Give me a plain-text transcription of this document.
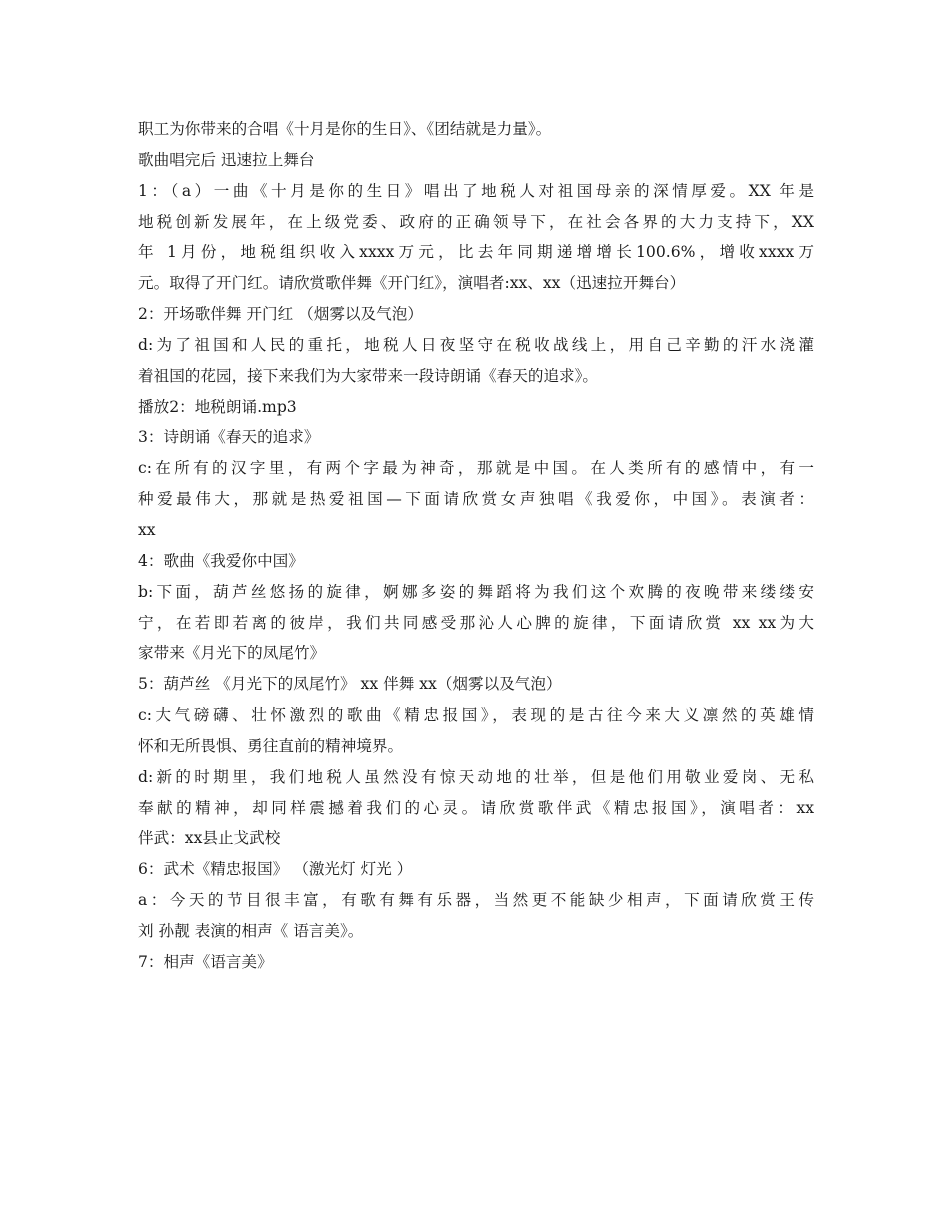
职工为你带来的合唱《十月是你的生日》、《团结就是力量》。
歌曲唱完后 迅速拉上舞台
1：（a）一曲《十月是你的生日》唱出了地税人对祖国母亲的深情厚爱。XX 年是
地税创新发展年，在上级党委、政府的正确领导下，在社会各界的大力支持下，XX
年 1月份，地税组织收入xxxx万元，比去年同期递增增长100.6%，增收xxxx万
元。取得了开门红。请欣赏歌伴舞《开门红》，演唱者:xx、xx（迅速拉开舞台）
2：开场歌伴舞 开门红 （烟雾以及气泡）
d:为了祖国和人民的重托，地税人日夜坚守在税收战线上，用自己辛勤的汗水浇灌
着祖国的花园，接下来我们为大家带来一段诗朗诵《春天的追求》。
播放2：地税朗诵.mp3
3：诗朗诵《春天的追求》
c:在所有的汉字里，有两个字最为神奇，那就是中国。在人类所有的感情中，有一
种爱最伟大，那就是热爱祖国—下面请欣赏女声独唱《我爱你，中国》。表演者：
xx
4：歌曲《我爱你中国》
b:下面，葫芦丝悠扬的旋律，婀娜多姿的舞蹈将为我们这个欢腾的夜晚带来缕缕安
宁，在若即若离的彼岸，我们共同感受那沁人心脾的旋律，下面请欣赏 xx xx为大
家带来《月光下的凤尾竹》
5：葫芦丝 《月光下的凤尾竹》 xx 伴舞 xx（烟雾以及气泡）
c:大气磅礴、壮怀激烈的歌曲《精忠报国》，表现的是古往今来大义凛然的英雄情
怀和无所畏惧、勇往直前的精神境界。
d:新的时期里，我们地税人虽然没有惊天动地的壮举，但是他们用敬业爱岗、无私
奉献的精神，却同样震撼着我们的心灵。请欣赏歌伴武《精忠报国》，演唱者：xx
伴武：xx县止戈武校
6：武术《精忠报国》 （激光灯 灯光 ）
a：今天的节目很丰富，有歌有舞有乐器，当然更不能缺少相声，下面请欣赏王传
刘 孙靓 表演的相声《 语言美》。
7：相声《语言美》
